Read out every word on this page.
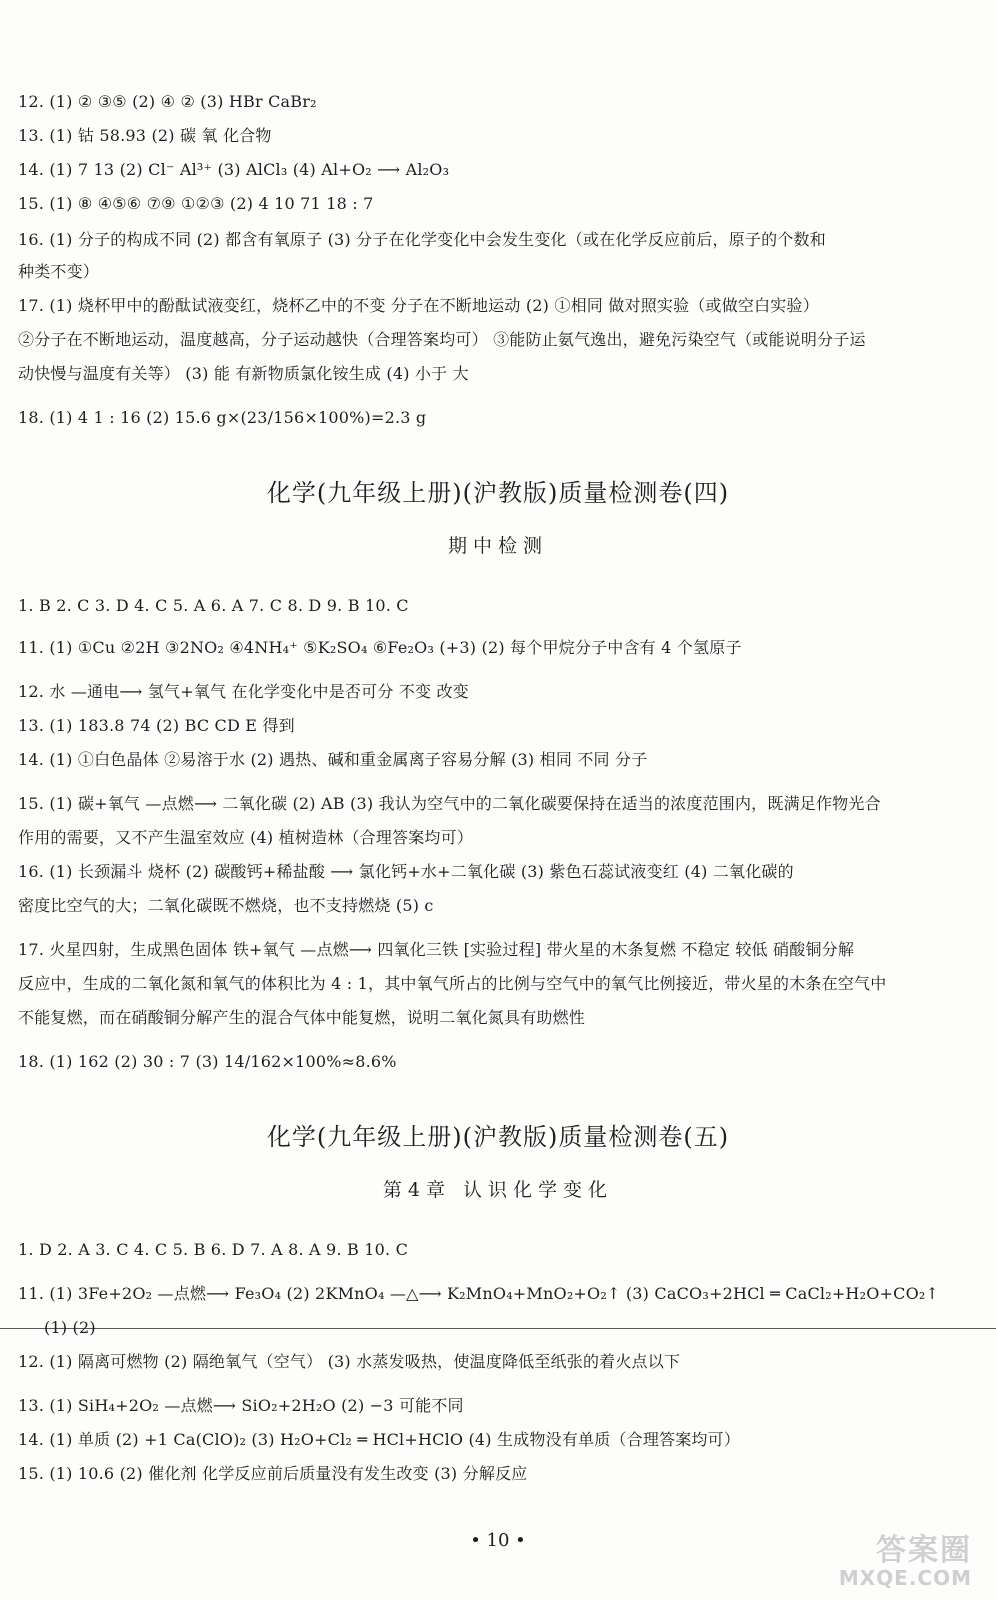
12. (1) ② ③⑤ (2) ④ ② (3) HBr CaBr₂
13. (1) 钴 58.93 (2) 碳 氧 化合物
14. (1) 7 13 (2) Cl⁻ Al³⁺ (3) AlCl₃ (4) Al+O₂ ⟶ Al₂O₃
15. (1) ⑧ ④⑤⑥ ⑦⑨ ①②③ (2) 4 10 71 18 : 7
16. (1) 分子的构成不同 (2) 都含有氧原子 (3) 分子在化学变化中会发生变化（或在化学反应前后，原子的个数和
种类不变）
17. (1) 烧杯甲中的酚酞试液变红，烧杯乙中的不变 分子在不断地运动 (2) ①相同 做对照实验（或做空白实验）
②分子在不断地运动，温度越高，分子运动越快（合理答案均可） ③能防止氨气逸出，避免污染空气（或能说明分子运
动快慢与温度有关等） (3) 能 有新物质氯化铵生成 (4) 小于 大
18. (1) 4 1 : 16 (2) 15.6 g×(23/156×100%)=2.3 g
化学(九年级上册)(沪教版)质量检测卷(四)
期中检测
1. B 2. C 3. D 4. C 5. A 6. A 7. C 8. D 9. B 10. C
11. (1) ①Cu ②2H ③2NO₂ ④4NH₄⁺ ⑤K₂SO₄ ⑥Fe₂O₃ (+3) (2) 每个甲烷分子中含有 4 个氢原子
12. 水 —通电⟶ 氢气+氧气 在化学变化中是否可分 不变 改变
13. (1) 183.8 74 (2) BC CD E 得到
14. (1) ①白色晶体 ②易溶于水 (2) 遇热、碱和重金属离子容易分解 (3) 相同 不同 分子
15. (1) 碳+氧气 —点燃⟶ 二氧化碳 (2) AB (3) 我认为空气中的二氧化碳要保持在适当的浓度范围内，既满足作物光合
作用的需要，又不产生温室效应 (4) 植树造林（合理答案均可）
16. (1) 长颈漏斗 烧杯 (2) 碳酸钙+稀盐酸 ⟶ 氯化钙+水+二氧化碳 (3) 紫色石蕊试液变红 (4) 二氧化碳的
密度比空气的大；二氧化碳既不燃烧，也不支持燃烧 (5) c
17. 火星四射，生成黑色固体 铁+氧气 —点燃⟶ 四氧化三铁 [实验过程] 带火星的木条复燃 不稳定 较低 硝酸铜分解
反应中，生成的二氧化氮和氧气的体积比为 4 : 1，其中氧气所占的比例与空气中的氧气比例接近，带火星的木条在空气中
不能复燃，而在硝酸铜分解产生的混合气体中能复燃，说明二氧化氮具有助燃性
18. (1) 162 (2) 30 : 7 (3) 14/162×100%≈8.6%
化学(九年级上册)(沪教版)质量检测卷(五)
第4章 认识化学变化
1. D 2. A 3. C 4. C 5. B 6. D 7. A 8. A 9. B 10. C
11. (1) 3Fe+2O₂ —点燃⟶ Fe₃O₄ (2) 2KMnO₄ —△⟶ K₂MnO₄+MnO₂+O₂↑ (3) CaCO₃+2HCl ═ CaCl₂+H₂O+CO₂↑
(1) (2)
12. (1) 隔离可燃物 (2) 隔绝氧气（空气） (3) 水蒸发吸热，使温度降低至纸张的着火点以下
13. (1) SiH₄+2O₂ —点燃⟶ SiO₂+2H₂O (2) −3 可能不同
14. (1) 单质 (2) +1 Ca(ClO)₂ (3) H₂O+Cl₂ ═ HCl+HClO (4) 生成物没有单质（合理答案均可）
15. (1) 10.6 (2) 催化剂 化学反应前后质量没有发生改变 (3) 分解反应
• 10 •	答案圈
MXQE.COM
